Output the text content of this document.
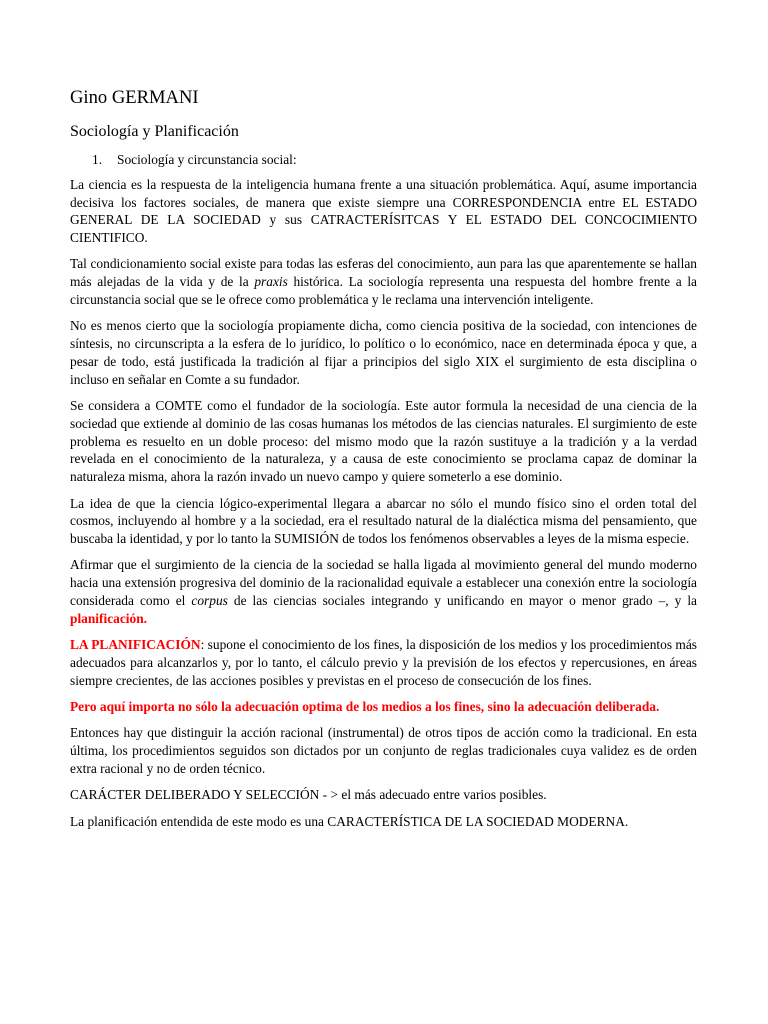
Gino GERMANI
Sociología y Planificación
1.	Sociología y circunstancia social:

La ciencia es la respuesta de la inteligencia humana frente a una situación problemática. Aquí, asume importancia decisiva los factores sociales, de manera que existe siempre una CORRESPONDENCIA entre EL ESTADO GENERAL DE LA SOCIEDAD y sus CATRACTERÍSITCAS Y EL ESTADO DEL CONCOCIMIENTO CIENTIFICO.

Tal condicionamiento social existe para todas las esferas del conocimiento, aun para las que aparentemente se hallan más alejadas de la vida y de la praxis histórica. La sociología representa una respuesta del hombre frente a la circunstancia social que se le ofrece como problemática y le reclama una intervención inteligente.

No es menos cierto que la sociología propiamente dicha, como ciencia positiva de la sociedad, con intenciones de síntesis, no circunscripta a la esfera de lo jurídico, lo político o lo económico, nace en determinada época y que, a pesar de todo, está justificada la tradición al fijar a principios del siglo XIX el surgimiento de esta disciplina o incluso en señalar en Comte a su fundador.

Se considera a COMTE como el fundador de la sociología. Este autor formula la necesidad de una ciencia de la sociedad que extiende al dominio de las cosas humanas los métodos de las ciencias naturales. El surgimiento de este problema es resuelto en un doble proceso: del mismo modo que la razón sustituye a la tradición y a la verdad revelada en el conocimiento de la naturaleza, y a causa de este conocimiento se proclama capaz de dominar la naturaleza misma, ahora la razón invado un nuevo campo y quiere someterlo a ese dominio.

La idea de que la ciencia lógico-experimental llegara a abarcar no sólo el mundo físico sino el orden total del cosmos, incluyendo al hombre y a la sociedad, era el resultado natural de la dialéctica misma del pensamiento, que buscaba la identidad, y por lo tanto la SUMISIÓN de todos los fenómenos observables a leyes de la misma especie.

Afirmar que el surgimiento de la ciencia de la sociedad se halla ligada al movimiento general del mundo moderno hacia una extensión progresiva del dominio de la racionalidad equivale a establecer una conexión entre la sociología considerada como el corpus de las ciencias sociales integrando y unificando en mayor o menor grado –, y la planificación.

LA PLANIFICACIÓN: supone el conocimiento de los fines, la disposición de los medios y los procedimientos más adecuados para alcanzarlos y, por lo tanto, el cálculo previo y la previsión de los efectos y repercusiones, en áreas siempre crecientes, de las acciones posibles y previstas en el proceso de consecución de los fines.

Pero aquí importa no sólo la adecuación optima de los medios a los fines, sino la adecuación deliberada.

Entonces hay que distinguir la acción racional (instrumental) de otros tipos de acción como la tradicional. En esta última, los procedimientos seguidos son dictados por un conjunto de reglas tradicionales cuya validez es de orden extra racional y no de orden técnico.

CARÁCTER DELIBERADO Y SELECCIÓN - > el más adecuado entre varios posibles.

La planificación entendida de este modo es una CARACTERÍSTICA DE LA SOCIEDAD MODERNA.
